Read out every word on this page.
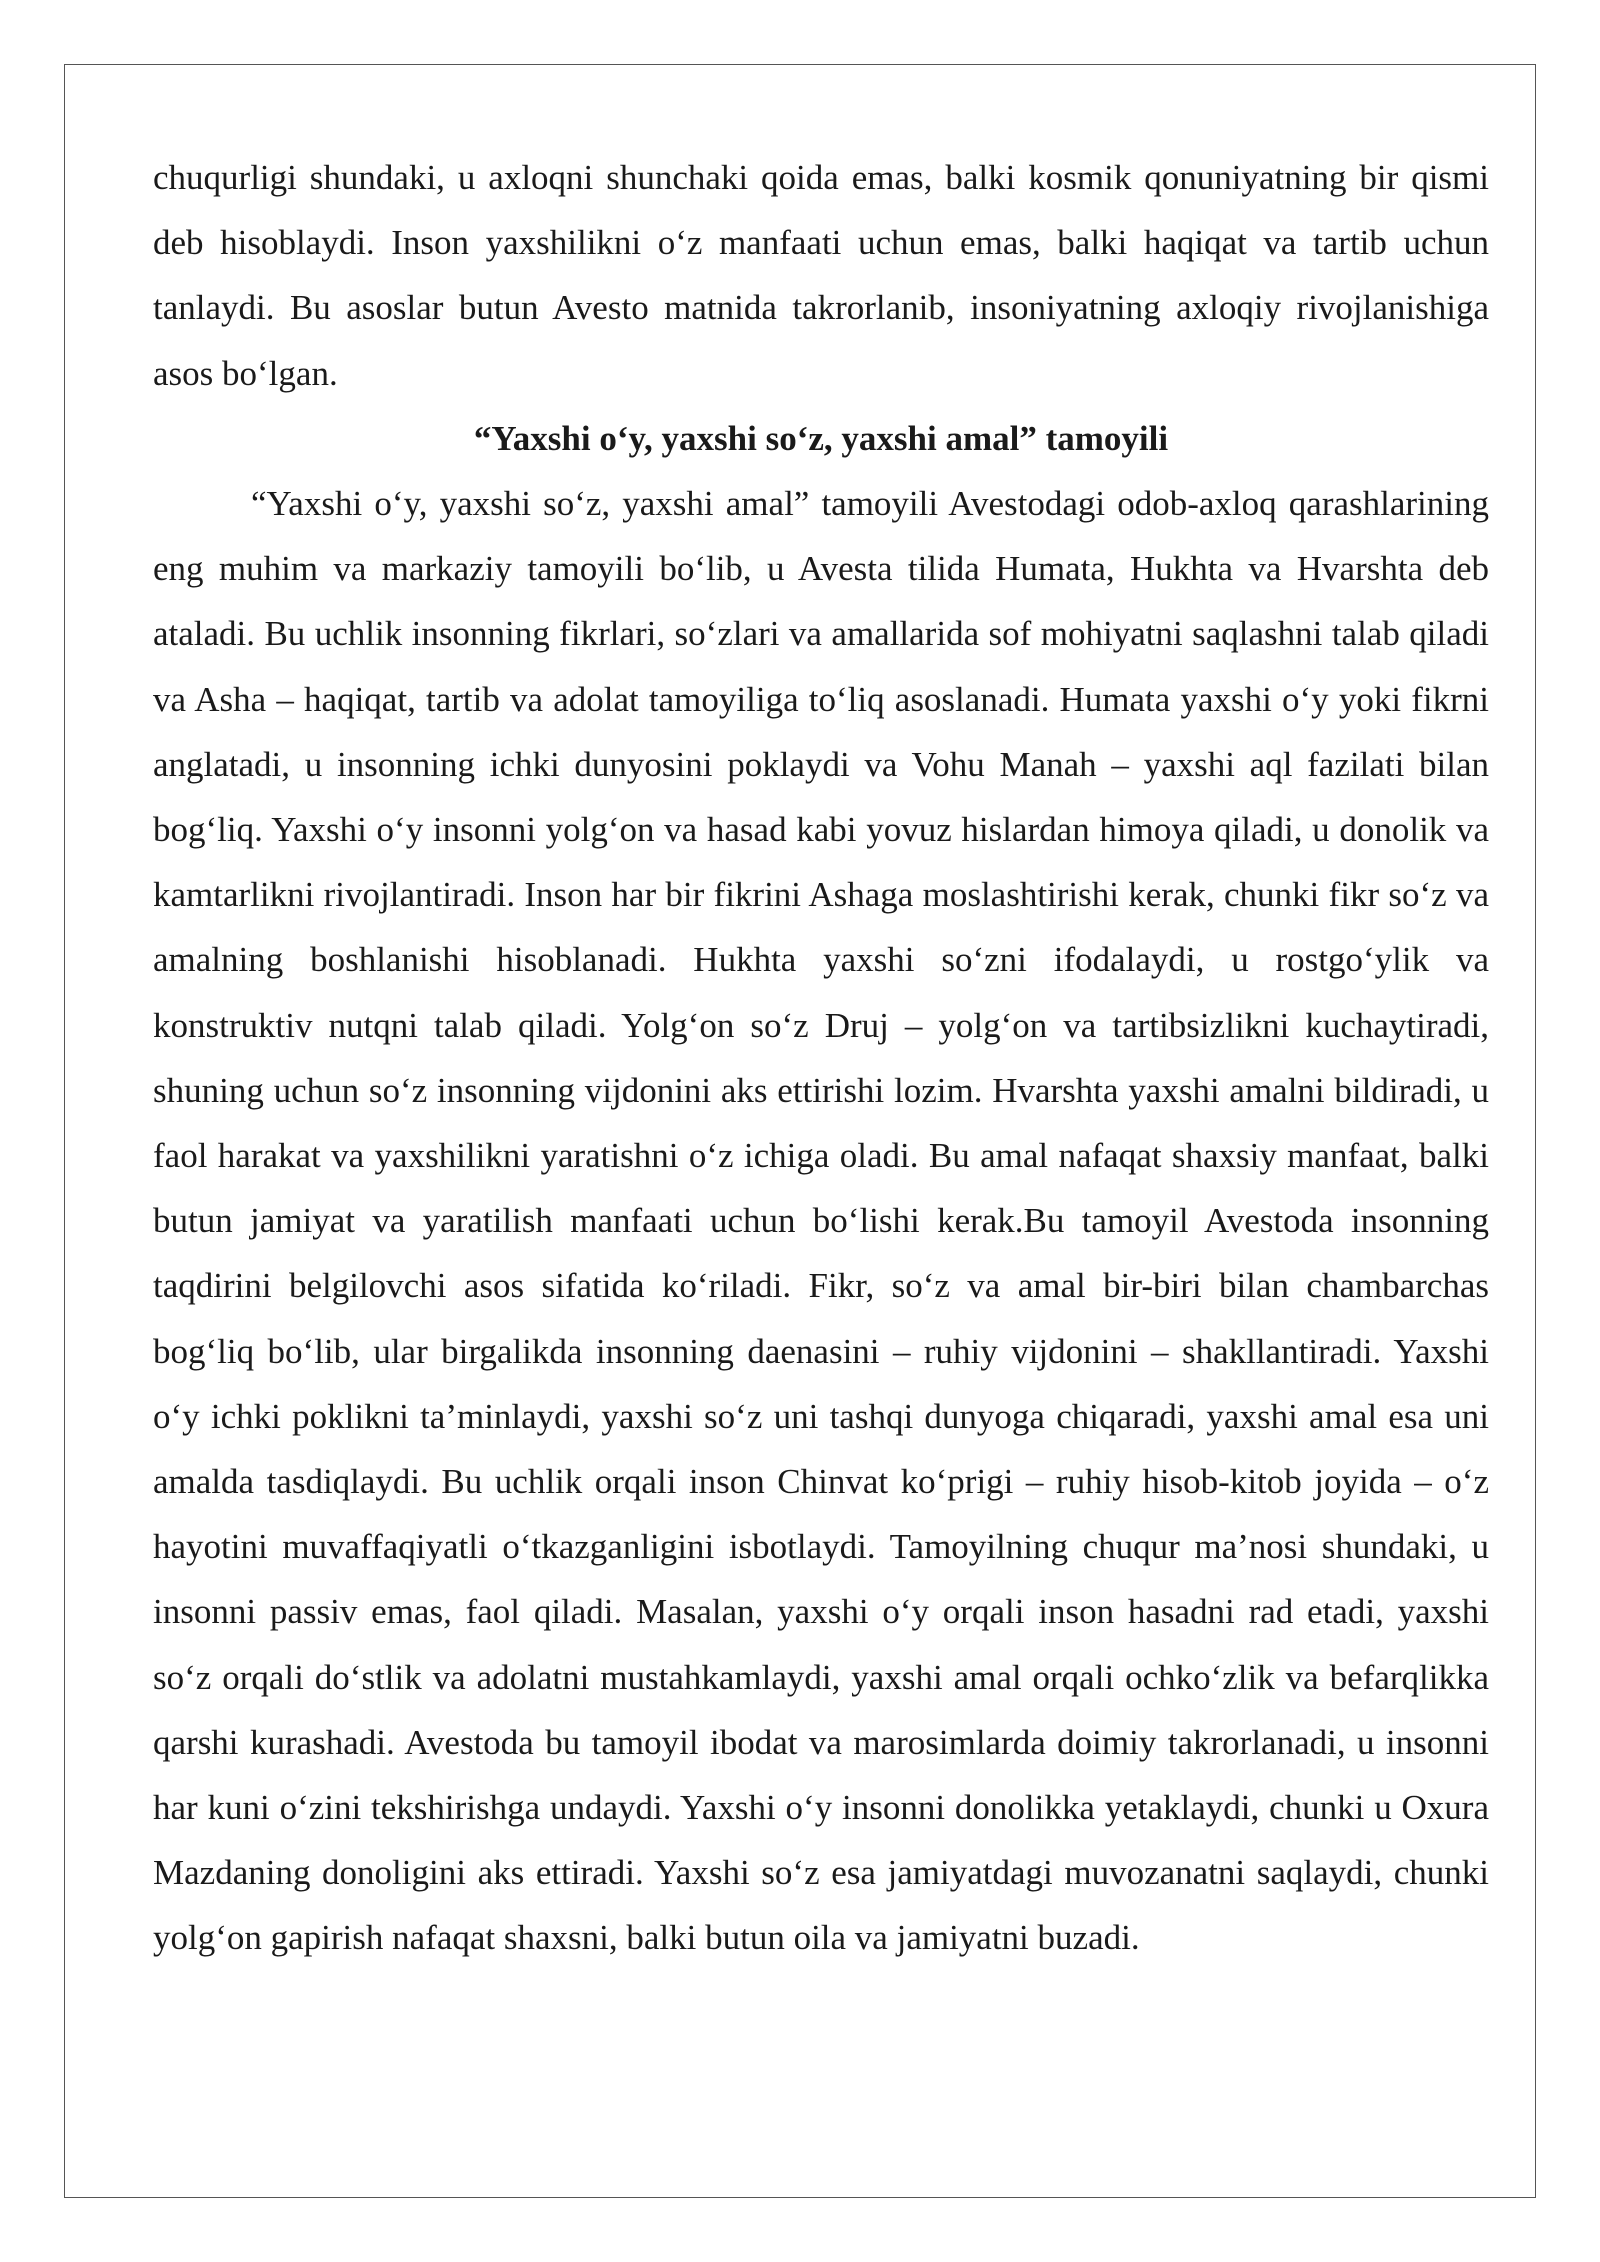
chuqurligi shundaki, u axloqni shunchaki qoida emas, balki kosmik qonuniyatning bir qismi deb hisoblaydi. Inson yaxshilikni o‘z manfaati uchun emas, balki haqiqat va tartib uchun tanlaydi. Bu asoslar butun Avesto matnida takrorlanib, insoniyatning axloqiy rivojlanishiga asos bo‘lgan.

“Yaxshi o‘y, yaxshi so‘z, yaxshi amal” tamoyili

“Yaxshi o‘y, yaxshi so‘z, yaxshi amal” tamoyili Avestodagi odob-axloq qarashlarining eng muhim va markaziy tamoyili bo‘lib, u Avesta tilida Humata, Hukhta va Hvarshta deb ataladi. Bu uchlik insonning fikrlari, so‘zlari va amallarida sof mohiyatni saqlashni talab qiladi va Asha – haqiqat, tartib va adolat tamoyiliga to‘liq asoslanadi. Humata yaxshi o‘y yoki fikrni anglatadi, u insonning ichki dunyosini poklaydi va Vohu Manah – yaxshi aql fazilati bilan bog‘liq. Yaxshi o‘y insonni yolg‘on va hasad kabi yovuz hislardan himoya qiladi, u donolik va kamtarlikni rivojlantiradi. Inson har bir fikrini Ashaga moslashtirishi kerak, chunki fikr so‘z va amalning boshlanishi hisoblanadi. Hukhta yaxshi so‘zni ifodalaydi, u rostgo‘ylik va konstruktiv nutqni talab qiladi. Yolg‘on so‘z Druj – yolg‘on va tartibsizlikni kuchaytiradi, shuning uchun so‘z insonning vijdonini aks ettirishi lozim. Hvarshta yaxshi amalni bildiradi, u faol harakat va yaxshilikni yaratishni o‘z ichiga oladi. Bu amal nafaqat shaxsiy manfaat, balki butun jamiyat va yaratilish manfaati uchun bo‘lishi kerak.Bu tamoyil Avestoda insonning taqdirini belgilovchi asos sifatida ko‘riladi. Fikr, so‘z va amal bir-biri bilan chambarchas bog‘liq bo‘lib, ular birgalikda insonning daenasini – ruhiy vijdonini – shakllantiradi. Yaxshi o‘y ichki poklikni ta’minlaydi, yaxshi so‘z uni tashqi dunyoga chiqaradi, yaxshi amal esa uni amalda tasdiqlaydi. Bu uchlik orqali inson Chinvat ko‘prigi – ruhiy hisob-kitob joyida – o‘z hayotini muvaffaqiyatli o‘tkazganligini isbotlaydi. Tamoyilning chuqur ma’nosi shundaki, u insonni passiv emas, faol qiladi. Masalan, yaxshi o‘y orqali inson hasadni rad etadi, yaxshi so‘z orqali do‘stlik va adolatni mustahkamlaydi, yaxshi amal orqali ochko‘zlik va befarqlikka qarshi kurashadi. Avestoda bu tamoyil ibodat va marosimlarda doimiy takrorlanadi, u insonni har kuni o‘zini tekshirishga undaydi. Yaxshi o‘y insonni donolikka yetaklaydi, chunki u Oxura Mazdaning donoligini aks ettiradi. Yaxshi so‘z esa jamiyatdagi muvozanatni saqlaydi, chunki yolg‘on gapirish nafaqat shaxsni, balki butun oila va jamiyatni buzadi.
